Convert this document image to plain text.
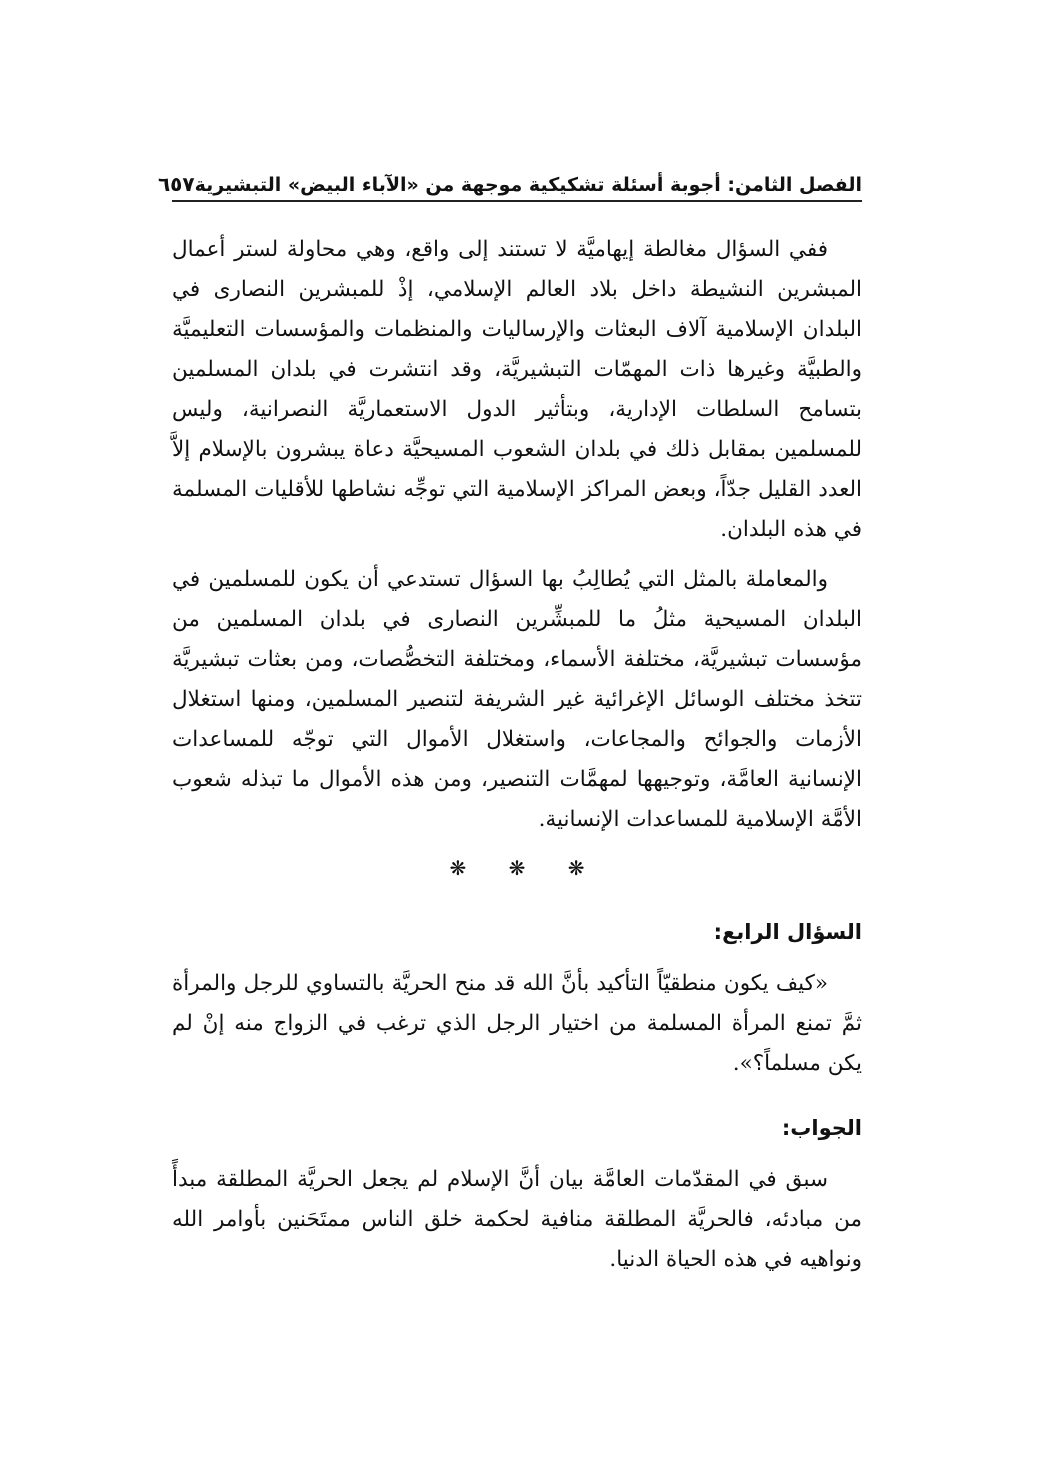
الفصل الثامن: أجوبة أسئلة تشكيكية موجهة من «الآباء البيض» التبشيرية
٦٥٧

ففي السؤال مغالطة إيهاميَّة لا تستند إلى واقع، وهي محاولة لستر أعمال المبشرين النشيطة داخل بلاد العالم الإسلامي، إذْ للمبشرين النصارى في البلدان الإسلامية آلاف البعثات والإرساليات والمنظمات والمؤسسات التعليميَّة والطبيَّة وغيرها ذات المهمّات التبشيريَّة، وقد انتشرت في بلدان المسلمين بتسامح السلطات الإدارية، وبتأثير الدول الاستعماريَّة النصرانية، وليس للمسلمين بمقابل ذلك في بلدان الشعوب المسيحيَّة دعاة يبشرون بالإسلام إلاَّ العدد القليل جدّاً، وبعض المراكز الإسلامية التي توجِّه نشاطها للأقليات المسلمة في هذه البلدان.

والمعاملة بالمثل التي يُطالِبُ بها السؤال تستدعي أن يكون للمسلمين في البلدان المسيحية مثلُ ما للمبشِّرين النصارى في بلدان المسلمين من مؤسسات تبشيريَّة، مختلفة الأسماء، ومختلفة التخصُّصات، ومن بعثات تبشيريَّة تتخذ مختلف الوسائل الإغرائية غير الشريفة لتنصير المسلمين، ومنها استغلال الأزمات والجوائح والمجاعات، واستغلال الأموال التي توجّه للمساعدات الإنسانية العامَّة، وتوجيهها لمهمَّات التنصير، ومن هذه الأموال ما تبذله شعوب الأمَّة الإسلامية للمساعدات الإنسانية.

❋ ❋ ❋
السؤال الرابع:

«كيف يكون منطقيّاً التأكيد بأنَّ الله قد منح الحريَّة بالتساوي للرجل والمرأة ثمَّ تمنع المرأة المسلمة من اختيار الرجل الذي ترغب في الزواج منه إنْ لم يكن مسلماً؟».

الجواب:

سبق في المقدّمات العامَّة بيان أنَّ الإسلام لم يجعل الحريَّة المطلقة مبدأً من مبادئه، فالحريَّة المطلقة منافية لحكمة خلق الناس ممتَحَنين بأوامر الله ونواهيه في هذه الحياة الدنيا.
